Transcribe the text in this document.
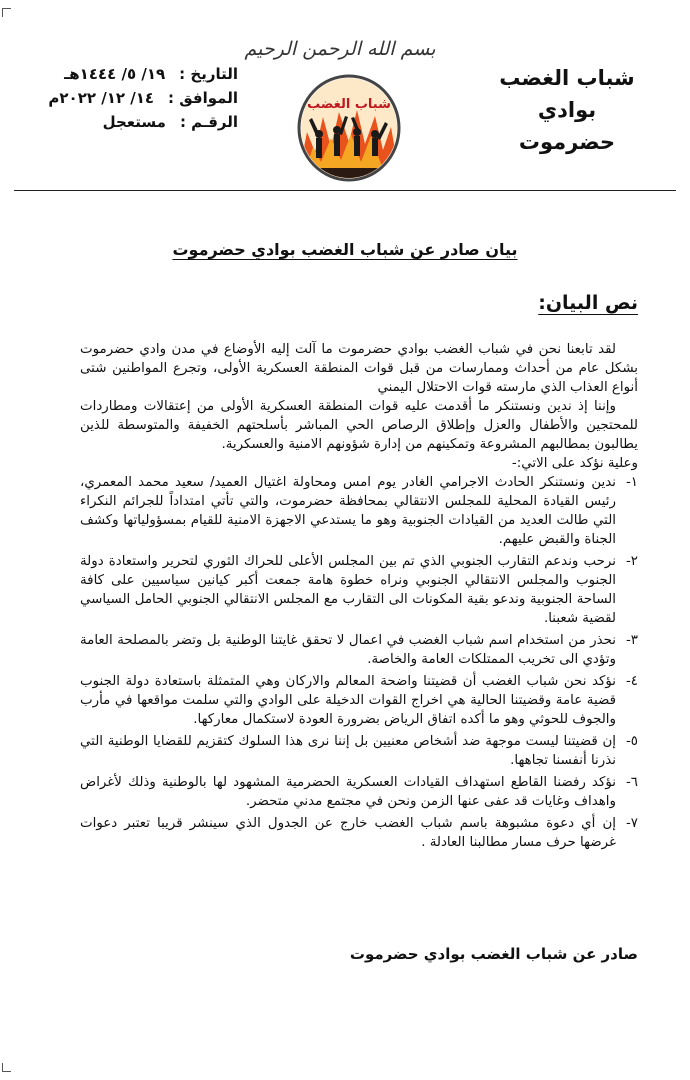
شباب الغضب
بوادي حضرموت
بسم الله الرحمن الرحيم
شباب الغضب
التاريخ :
١٩/ ٥/ ١٤٤٤هـ
الموافق :
١٤/ ١٢/ ٢٠٢٢م
الرقـم :
مستعجل
بيان صادر عن شباب الغضب بوادي حضرموت
نص البيان:

لقد تابعنا نحن في شباب الغضب بوادي حضرموت ما آلت إليه الأوضاع في مدن وادي حضرموت بشكل عام من أحداث وممارسات من قبل قوات المنطقة العسكرية الأولى، وتجرع المواطنين شتى أنواع العذاب الذي مارسته قوات الاحتلال اليمني

وإننا إذ ندين ونستنكر ما أقدمت عليه قوات المنطقة العسكرية الأولى من إعتقالات ومطاردات للمحتجين والأطفال والعزل وإطلاق الرصاص الحي المباشر بأسلحتهم الخفيفة والمتوسطة للذين يطالبون بمطالبهم المشروعة وتمكينهم من إدارة شؤونهم الامنية والعسكرية.

وعلية نؤكد على الاتي:-

١-
ندين ونستنكر الحادث الاجرامي الغادر يوم امس ومحاولة اغتيال العميد/ سعيد محمد المعمري، رئيس القيادة المحلية للمجلس الانتقالي بمحافظة حضرموت، والتي تأتي امتداداً للجرائم النكراء التي طالت العديد من القيادات الجنوبية وهو ما يستدعي الاجهزة الامنية للقيام بمسؤولياتها وكشف الجناة والقبض عليهم.
٢-
نرحب وندعم التقارب الجنوبي الذي تم بين المجلس الأعلى للحراك الثوري لتحرير واستعادة دولة الجنوب والمجلس الانتقالي الجنوبي ونراه خطوة هامة جمعت أكبر كيانين سياسيين على كافة الساحة الجنوبية وندعو بقية المكونات الى التقارب مع المجلس الانتقالي الجنوبي الحامل السياسي لقضية شعبنا.
٣-
نحذر من استخدام اسم شباب الغضب في اعمال لا تحقق غايتنا الوطنية بل وتضر بالمصلحة العامة وتؤدي الى تخريب الممتلكات العامة والخاصة.
٤-
نؤكد نحن شباب الغضب أن قضيتنا واضحة المعالم والاركان وهي المتمثلة باستعادة دولة الجنوب قضية عامة وقضيتنا الحالية هي اخراج القوات الدخيلة على الوادي والتي سلمت مواقعها في مأرب والجوف للحوثي وهو ما أكده اتفاق الرياض بضرورة العودة لاستكمال معاركها.
٥-
إن قضيتنا ليست موجهة ضد أشخاص معنيين بل إننا نرى هذا السلوك كتقزيم للقضايا الوطنية التي نذرنا أنفسنا تجاهها.
٦-
نؤكد رفضنا القاطع استهداف القيادات العسكرية الحضرمية المشهود لها بالوطنية وذلك لأغراض واهداف وغايات قد عفى عنها الزمن ونحن في مجتمع مدني متحضر.
٧-
إن أي دعوة مشبوهة باسم شباب الغضب خارج عن الجدول الذي سينشر قريبا تعتبر دعوات غرضها حرف مسار مطالبنا العادلة .
صادر عن شباب الغضب بوادي حضرموت
